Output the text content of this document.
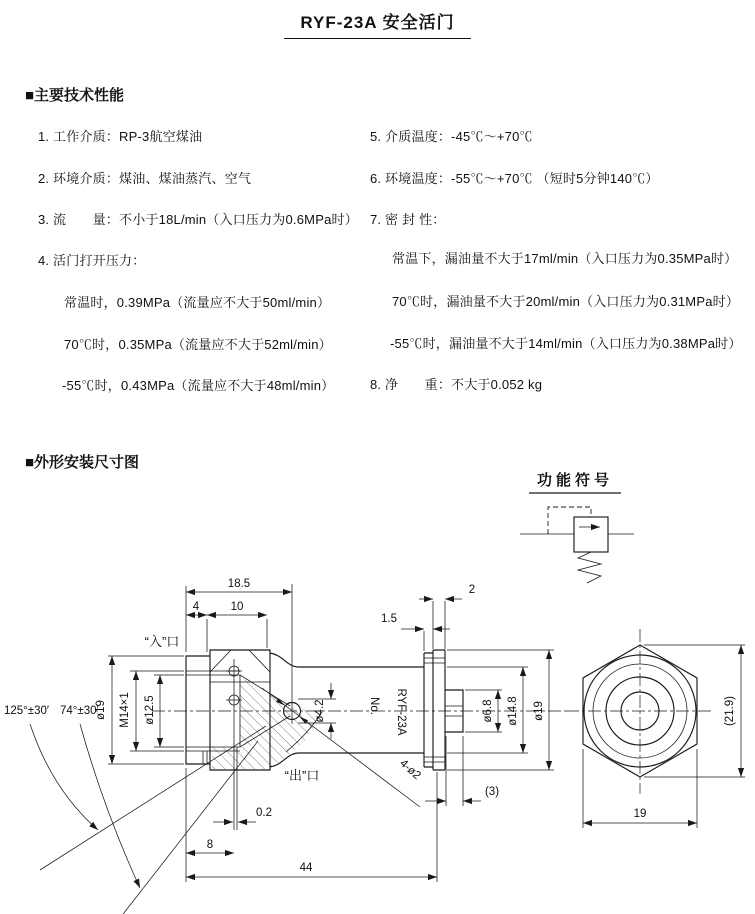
RYF-23A 安全活门
■主要技术性能
■外形安装尺寸图
1. 工作介质：RP-3航空煤油
2. 环境介质：煤油、煤油蒸汽、空气
3. 流　　量：不小于18L/min（入口压力为0.6MPa时）
4. 活门打开压力：
常温时，0.39MPa（流量应不大于50ml/min）
70℃时，0.35MPa（流量应不大于52ml/min）
-55℃时，0.43MPa（流量应不大于48ml/min）
5. 介质温度：-45℃～+70℃
6. 环境温度：-55℃～+70℃ （短时5分钟140℃）
7. 密 封 性：
常温下，漏油量不大于17ml/min（入口压力为0.35MPa时）
70℃时，漏油量不大于20ml/min（入口压力为0.31MPa时）
-55℃时，漏油量不大于14ml/min（入口压力为0.38MPa时）
8. 净　　重：不大于0.052 kg
功能符号
“入”口
“出”口
No. RYF-23A
18.5
4	10
2
1.5
ø19 M14×1 ø12.5	ø4.2
4-ø2
0.2
8
44
(3)
ø6.8 ø14.8 ø19
125°±30′ 74°±30′	(21.9)
19
